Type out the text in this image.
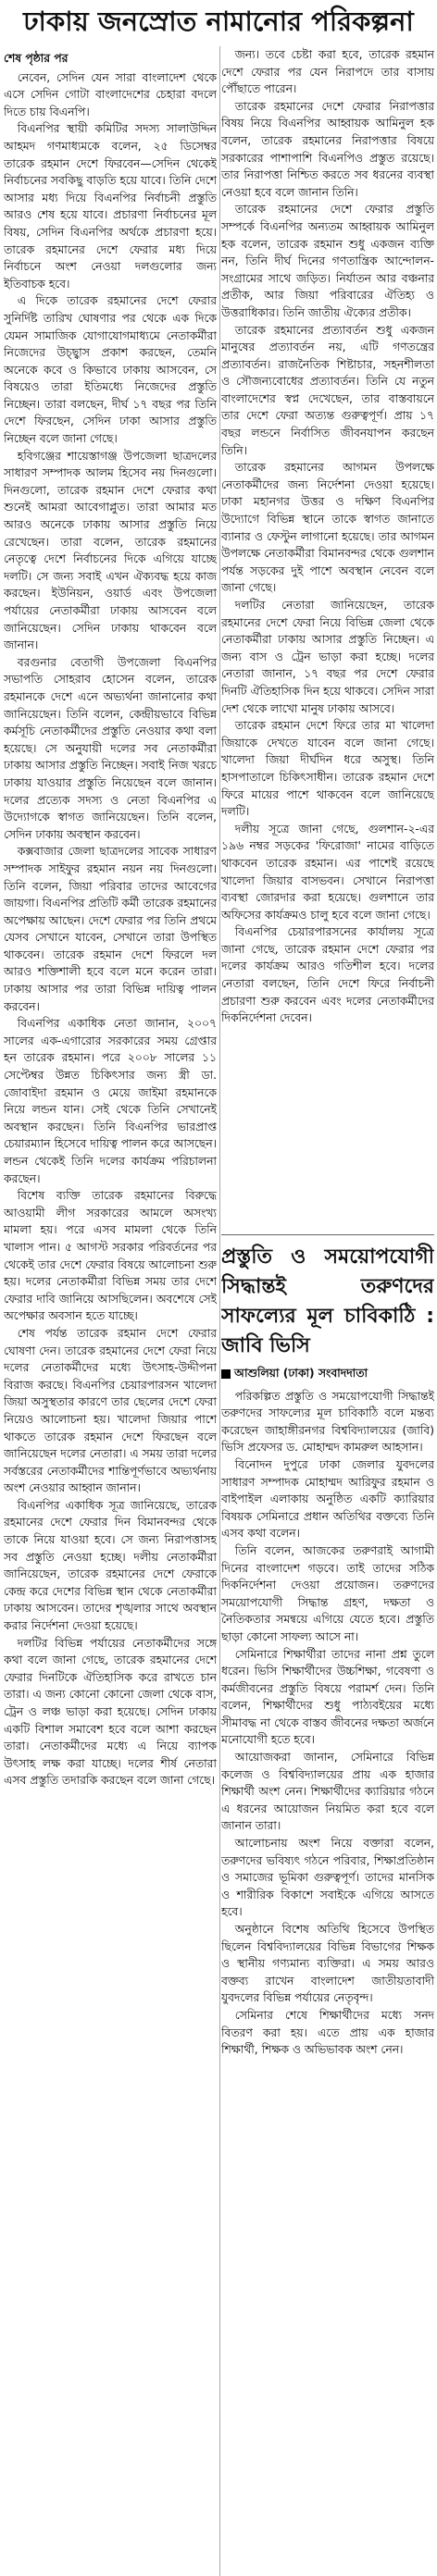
ঢাকায় জনস্রোত নামানোর পরিকল্পনা
শেষ পৃষ্ঠার পর

নেবেন, সেদিন যেন সারা বাংলাদেশ থেকে এসে সেদিন গোটা বাংলাদেশের চেহারা বদলে দিতে চায় বিএনপি।

বিএনপির স্থায়ী কমিটির সদস্য সালাউদ্দিন আহমদ গণমাধ্যমকে বলেন, ২৫ ডিসেম্বর তারেক রহমান দেশে ফিরবেন—সেদিন থেকেই নির্বাচনের সবকিছু বাড়তি হয়ে যাবে। তিনি দেশে আসার মধ্য দিয়ে বিএনপির নির্বাচনী প্রস্তুতি আরও শেষ হয়ে যাবে। প্রচারণা নির্বাচনের মূল বিষয়, সেদিন বিএনপির অর্থকে প্রচারণা হয়ে। তারেক রহমানের দেশে ফেরার মধ্য দিয়ে নির্বাচনে অংশ নেওয়া দলগুলোর জন্য ইতিবাচক হবে।

এ দিকে তারেক রহমানের দেশে ফেরার সুনির্দিষ্ট তারিখ ঘোষণার পর থেকে এক দিকে যেমন সামাজিক যোগাযোগমাধ্যমে নেতাকর্মীরা নিজেদের উচ্ছ্বাস প্রকাশ করছেন, তেমনি অনেকে কবে ও কিভাবে ঢাকায় আসবেন, সে বিষয়েও তারা ইতিমধ্যে নিজেদের প্রস্তুতি নিচ্ছেন। তারা বলছেন, দীর্ঘ ১৭ বছর পর তিনি দেশে ফিরছেন, সেদিন ঢাকা আসার প্রস্তুতি নিচ্ছেন বলে জানা গেছে।

হবিগঞ্জের শায়েস্তাগঞ্জ উপজেলা ছাত্রদলের সাধারণ সম্পাদক আলম হিসেব নয় দিনগুলো। দিনগুলো, তারেক রহমান দেশে ফেরার কথা শুনেই আমরা আবেগাপ্লুত। তারা আমার মত আরও অনেকে ঢাকায় আসার প্রস্তুতি নিয়ে রেখেছেন। তারা বলেন, তারেক রহমানের নেতৃত্বে দেশে নির্বাচনের দিকে এগিয়ে যাচ্ছে দলটি। সে জন্য সবাই এখন ঐক্যবদ্ধ হয়ে কাজ করছেন। ইউনিয়ন, ওয়ার্ড এবং উপজেলা পর্যায়ের নেতাকর্মীরা ঢাকায় আসবেন বলে জানিয়েছেন। সেদিন ঢাকায় থাকবেন বলে জানান।

বরগুনার বেতাগী উপজেলা বিএনপির সভাপতি সোহরাব হোসেন বলেন, তারেক রহমানকে দেশে এনে অভ্যর্থনা জানানোর কথা জানিয়েছেন। তিনি বলেন, কেন্দ্রীয়ভাবে বিভিন্ন কর্মসূচি নেতাকর্মীদের প্রস্তুতি নেওয়ার কথা বলা হয়েছে। সে অনুযায়ী দলের সব নেতাকর্মীরা ঢাকায় আসার প্রস্তুতি নিচ্ছেন। সবাই নিজ খরচে ঢাকায় যাওয়ার প্রস্তুতি নিয়েছেন বলে জানান। দলের প্রত্যেক সদস্য ও নেতা বিএনপির এ উদ্যোগকে স্বাগত জানিয়েছেন। তিনি বলেন, সেদিন ঢাকায় অবস্থান করবেন।

কক্সবাজার জেলা ছাত্রদলের সাবেক সাধারণ সম্পাদক সাইফুর রহমান নয়ন নয় দিনগুলো। তিনি বলেন, জিয়া পরিবার তাদের আবেগের জায়গা। বিএনপির প্রতিটি কর্মী তারেক রহমানের অপেক্ষায় আছেন। দেশে ফেরার পর তিনি প্রথমে যেসব সেখানে যাবেন, সেখানে তারা উপস্থিত থাকবেন। তারেক রহমান দেশে ফিরলে দল আরও শক্তিশালী হবে বলে মনে করেন তারা। ঢাকায় আসার পর তারা বিভিন্ন দায়িত্ব পালন করবেন।

বিএনপির একাধিক নেতা জানান, ২০০৭ সালের এক-এগারোর সরকারের সময় গ্রেপ্তার হন তারেক রহমান। পরে ২০০৮ সালের ১১ সেপ্টেম্বর উন্নত চিকিৎসার জন্য স্ত্রী ডা. জোবাইদা রহমান ও মেয়ে জাইমা রহমানকে নিয়ে লন্ডন যান। সেই থেকে তিনি সেখানেই অবস্থান করছেন। তিনি বিএনপির ভারপ্রাপ্ত চেয়ারম্যান হিসেবে দায়িত্ব পালন করে আসছেন। লন্ডন থেকেই তিনি দলের কার্যক্রম পরিচালনা করছেন।

বিশেষ ব্যক্তি তারেক রহমানের বিরুদ্ধে আওয়ামী লীগ সরকারের আমলে অসংখ্য মামলা হয়। পরে এসব মামলা থেকে তিনি খালাস পান। ৫ আগস্ট সরকার পরিবর্তনের পর থেকেই তার দেশে ফেরার বিষয়ে আলোচনা শুরু হয়। দলের নেতাকর্মীরা বিভিন্ন সময় তার দেশে ফেরার দাবি জানিয়ে আসছিলেন। অবশেষে সেই অপেক্ষার অবসান হতে যাচ্ছে।

শেষ পর্যন্ত তারেক রহমান দেশে ফেরার ঘোষণা দেন। তারেক রহমানের দেশে ফেরা নিয়ে দলের নেতাকর্মীদের মধ্যে উৎসাহ-উদ্দীপনা বিরাজ করছে। বিএনপির চেয়ারপারসন খালেদা জিয়া অসুস্থতার কারণে তার ছেলের দেশে ফেরা নিয়েও আলোচনা হয়। খালেদা জিয়ার পাশে থাকতে তারেক রহমান দেশে ফিরছেন বলে জানিয়েছেন দলের নেতারা। এ সময় তারা দলের সর্বস্তরের নেতাকর্মীদের শান্তিপূর্ণভাবে অভ্যর্থনায় অংশ নেওয়ার আহ্বান জানান।

বিএনপির একাধিক সূত্র জানিয়েছে, তারেক রহমানের দেশে ফেরার দিন বিমানবন্দর থেকে তাকে নিয়ে যাওয়া হবে। সে জন্য নিরাপত্তাসহ সব প্রস্তুতি নেওয়া হচ্ছে। দলীয় নেতাকর্মীরা জানিয়েছেন, তারেক রহমানের দেশে ফেরাকে কেন্দ্র করে দেশের বিভিন্ন স্থান থেকে নেতাকর্মীরা ঢাকায় আসবেন। তাদের শৃঙ্খলার সাথে অবস্থান করার নির্দেশনা দেওয়া হয়েছে।

দলটির বিভিন্ন পর্যায়ের নেতাকর্মীদের সঙ্গে কথা বলে জানা গেছে, তারেক রহমানের দেশে ফেরার দিনটিকে ঐতিহাসিক করে রাখতে চান তারা। এ জন্য কোনো কোনো জেলা থেকে বাস, ট্রেন ও লঞ্চ ভাড়া করা হয়েছে। সেদিন ঢাকায় একটি বিশাল সমাবেশ হবে বলে আশা করছেন তারা। নেতাকর্মীদের মধ্যে এ নিয়ে ব্যাপক উৎসাহ লক্ষ করা যাচ্ছে। দলের শীর্ষ নেতারা এসব প্রস্তুতি তদারকি করছেন বলে জানা গেছে।

জন্য। তবে চেষ্টা করা হবে, তারেক রহমান দেশে ফেরার পর যেন নিরাপদে তার বাসায় পৌঁছাতে পারেন।

তারেক রহমানের দেশে ফেরার নিরাপত্তার বিষয় নিয়ে বিএনপির আহ্বায়ক আমিনুল হক বলেন, তারেক রহমানের নিরাপত্তার বিষয়ে সরকারের পাশাপাশি বিএনপিও প্রস্তুত রয়েছে। তার নিরাপত্তা নিশ্চিত করতে সব ধরনের ব্যবস্থা নেওয়া হবে বলে জানান তিনি।

তারেক রহমানের দেশে ফেরার প্রস্তুতি সম্পর্কে বিএনপির অন্যতম আহ্বায়ক আমিনুল হক বলেন, তারেক রহমান শুধু একজন ব্যক্তি নন, তিনি দীর্ঘ দিনের গণতান্ত্রিক আন্দোলন-সংগ্রামের সাথে জড়িত। নির্যাতন আর বঞ্চনার প্রতীক, আর জিয়া পরিবারের ঐতিহ্য ও উত্তরাধিকার। তিনি জাতীয় ঐক্যের প্রতীক।

তারেক রহমানের প্রত্যাবর্তন শুধু একজন মানুষের প্রত্যাবর্তন নয়, এটি গণতন্ত্রের প্রত্যাবর্তন। রাজনৈতিক শিষ্টাচার, সহনশীলতা ও সৌজন্যবোধের প্রত্যাবর্তন। তিনি যে নতুন বাংলাদেশের স্বপ্ন দেখেছেন, তার বাস্তবায়নে তার দেশে ফেরা অত্যন্ত গুরুত্বপূর্ণ। প্রায় ১৭ বছর লন্ডনে নির্বাসিত জীবনযাপন করছেন তিনি।

তারেক রহমানের আগমন উপলক্ষে নেতাকর্মীদের জন্য নির্দেশনা দেওয়া হয়েছে। ঢাকা মহানগর উত্তর ও দক্ষিণ বিএনপির উদ্যোগে বিভিন্ন স্থানে তাকে স্বাগত জানাতে ব্যানার ও ফেস্টুন লাগানো হয়েছে। তার আগমন উপলক্ষে নেতাকর্মীরা বিমানবন্দর থেকে গুলশান পর্যন্ত সড়কের দুই পাশে অবস্থান নেবেন বলে জানা গেছে।

দলটির নেতারা জানিয়েছেন, তারেক রহমানের দেশে ফেরা নিয়ে বিভিন্ন জেলা থেকে নেতাকর্মীরা ঢাকায় আসার প্রস্তুতি নিচ্ছেন। এ জন্য বাস ও ট্রেন ভাড়া করা হচ্ছে। দলের নেতারা জানান, ১৭ বছর পর দেশে ফেরার দিনটি ঐতিহাসিক দিন হয়ে থাকবে। সেদিন সারা দেশ থেকে লাখো মানুষ ঢাকায় আসবে।

তারেক রহমান দেশে ফিরে তার মা খালেদা জিয়াকে দেখতে যাবেন বলে জানা গেছে। খালেদা জিয়া দীর্ঘদিন ধরে অসুস্থ। তিনি হাসপাতালে চিকিৎসাধীন। তারেক রহমান দেশে ফিরে মায়ের পাশে থাকবেন বলে জানিয়েছে দলটি।

দলীয় সূত্রে জানা গেছে, গুলশান-২-এর ১৯৬ নম্বর সড়কের 'ফিরোজা' নামের বাড়িতে থাকবেন তারেক রহমান। এর পাশেই রয়েছে খালেদা জিয়ার বাসভবন। সেখানে নিরাপত্তা ব্যবস্থা জোরদার করা হয়েছে। গুলশানে তার অফিসের কার্যক্রমও চালু হবে বলে জানা গেছে।

বিএনপির চেয়ারপারসনের কার্যালয় সূত্রে জানা গেছে, তারেক রহমান দেশে ফেরার পর দলের কার্যক্রম আরও গতিশীল হবে। দলের নেতারা বলছেন, তিনি দেশে ফিরে নির্বাচনী প্রচারণা শুরু করবেন এবং দলের নেতাকর্মীদের দিকনির্দেশনা দেবেন।

প্রস্তুতি ও সময়োপযোগী সিদ্ধান্তই তরুণদের সাফল্যের মূল চাবিকাঠি : জাবি ভিসি
আশুলিয়া (ঢাকা) সংবাদদাতা

পরিকল্পিত প্রস্তুতি ও সময়োপযোগী সিদ্ধান্তই তরুণদের সাফল্যের মূল চাবিকাঠি বলে মন্তব্য করেছেন জাহাঙ্গীরনগর বিশ্ববিদ্যালয়ের (জাবি) ভিসি প্রফেসর ড. মোহাম্মদ কামরুল আহসান।

বিনোদন দুপুরে ঢাকা জেলার যুবদলের সাধারণ সম্পাদক মোহাম্মদ আরিফুর রহমান ও বাইপাইল এলাকায় অনুষ্ঠিত একটি ক্যারিয়ার বিষয়ক সেমিনারে প্রধান অতিথির বক্তব্যে তিনি এসব কথা বলেন।

তিনি বলেন, আজকের তরুণরাই আগামী দিনের বাংলাদেশ গড়বে। তাই তাদের সঠিক দিকনির্দেশনা দেওয়া প্রয়োজন। তরুণদের সময়োপযোগী সিদ্ধান্ত গ্রহণ, দক্ষতা ও নৈতিকতার সমন্বয়ে এগিয়ে যেতে হবে। প্রস্তুতি ছাড়া কোনো সাফল্য আসে না।

সেমিনারে শিক্ষার্থীরা তাদের নানা প্রশ্ন তুলে ধরেন। ভিসি শিক্ষার্থীদের উচ্চশিক্ষা, গবেষণা ও কর্মজীবনের প্রস্তুতি বিষয়ে পরামর্শ দেন। তিনি বলেন, শিক্ষার্থীদের শুধু পাঠ্যবইয়ের মধ্যে সীমাবদ্ধ না থেকে বাস্তব জীবনের দক্ষতা অর্জনে মনোযোগী হতে হবে।

আয়োজকরা জানান, সেমিনারে বিভিন্ন কলেজ ও বিশ্ববিদ্যালয়ের প্রায় এক হাজার শিক্ষার্থী অংশ নেন। শিক্ষার্থীদের ক্যারিয়ার গঠনে এ ধরনের আয়োজন নিয়মিত করা হবে বলে জানান তারা।

আলোচনায় অংশ নিয়ে বক্তারা বলেন, তরুণদের ভবিষ্যৎ গঠনে পরিবার, শিক্ষাপ্রতিষ্ঠান ও সমাজের ভূমিকা গুরুত্বপূর্ণ। তাদের মানসিক ও শারীরিক বিকাশে সবাইকে এগিয়ে আসতে হবে।

অনুষ্ঠানে বিশেষ অতিথি হিসেবে উপস্থিত ছিলেন বিশ্ববিদ্যালয়ের বিভিন্ন বিভাগের শিক্ষক ও স্থানীয় গণ্যমান্য ব্যক্তিরা। এ সময় আরও বক্তব্য রাখেন বাংলাদেশ জাতীয়তাবাদী যুবদলের বিভিন্ন পর্যায়ের নেতৃবৃন্দ।

সেমিনার শেষে শিক্ষার্থীদের মধ্যে সনদ বিতরণ করা হয়। এতে প্রায় এক হাজার শিক্ষার্থী, শিক্ষক ও অভিভাবক অংশ নেন।
